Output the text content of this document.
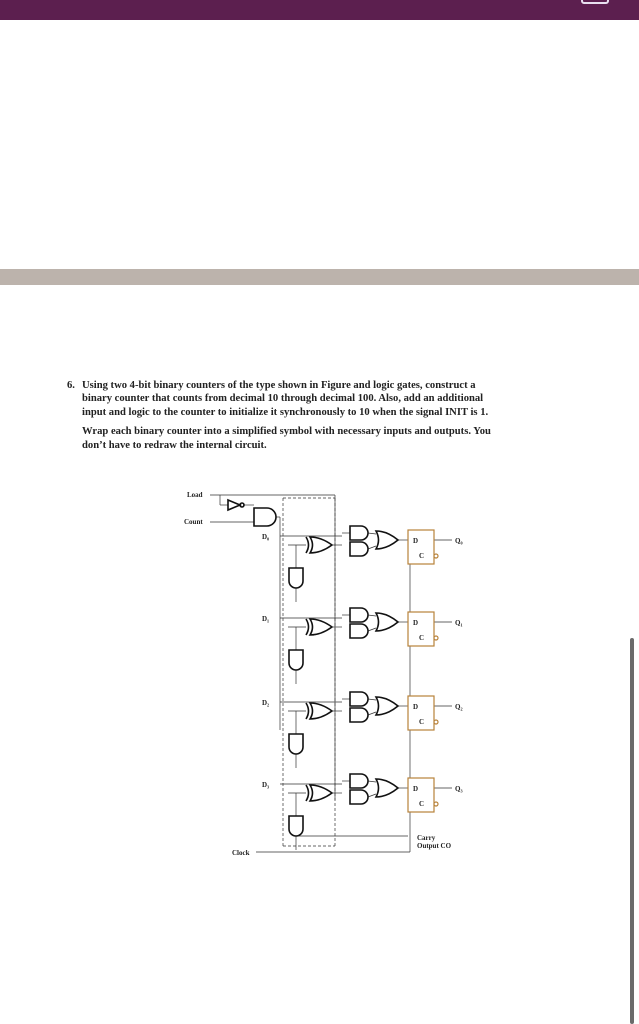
6. Using two 4-bit binary counters of the type shown in Figure and logic gates, construct a
binary counter that counts from decimal 10 through decimal 100. Also, add an additional
input and logic to the counter to initialize it synchronously to 10 when the signal INIT is 1.
Wrap each binary counter into a simplified symbol with necessary inputs and outputs. You
don’t have to redraw the internal circuit.
Load
Count
Clock
Carry
Output CO
D₀	D
C
Q₀
D₁	D
C
Q₁
D₂	D
C
Q₂
D₃	D
C
Q₃
